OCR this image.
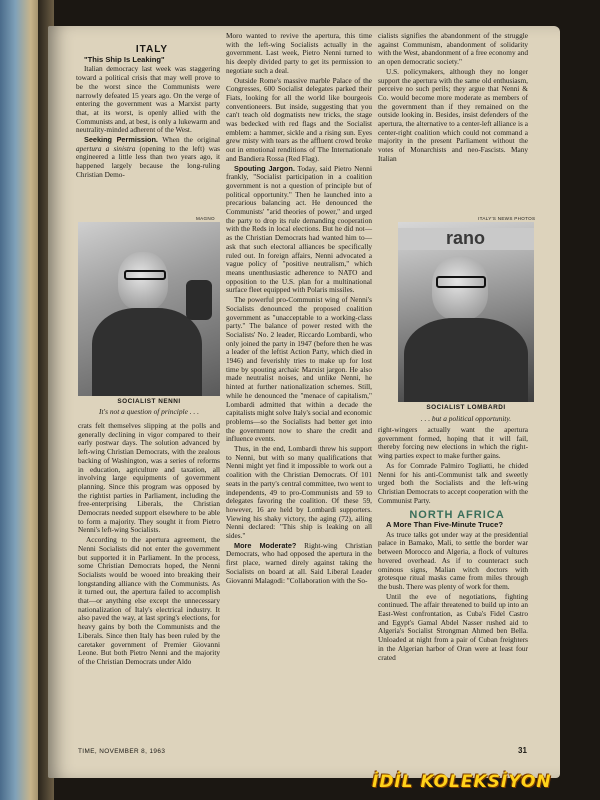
ITALY

"This Ship Is Leaking"

Italian democracy last week was staggering toward a political crisis that may well prove to be the worst since the Communists were narrowly defeated 15 years ago. On the verge of entering the government was a Marxist party that, at its worst, is openly allied with the Communists and, at best, is only a lukewarm and neutrality-minded adherent of the West.

Seeking Permission. When the original apertura a sinistra (opening to the left) was engineered a little less than two years ago, it happened largely because the long-ruling Christian Demo-

MAGNO
SOCIALIST NENNI
It's not a question of principle . . .

crats felt themselves slipping at the polls and generally declining in vigor compared to their early postwar days. The solution advanced by left-wing Christian Democrats, with the zealous backing of Washington, was a series of reforms in education, agriculture and taxation, all involving large equipments of government planning. Since this program was opposed by the rightist parties in Parliament, including the free-enterprising Liberals, the Christian Democrats needed support elsewhere to be able to form a majority. They sought it from Pietro Nenni's left-wing Socialists.

According to the apertura agreement, the Nenni Socialists did not enter the government but supported it in Parliament. In the process, some Christian Democrats hoped, the Nenni Socialists would be wooed into breaking their longstanding alliance with the Communists. As it turned out, the apertura failed to accomplish that—or anything else except the unnecessary nationalization of Italy's electrical industry. It also paved the way, at last spring's elections, for heavy gains by both the Communists and the Liberals. Since then Italy has been ruled by the caretaker government of Premier Giovanni Leone. But both Pietro Nenni and the majority of the Christian Democrats under Aldo

Moro wanted to revive the apertura, this time with the left-wing Socialists actually in the government. Last week, Pietro Nenni turned to his deeply divided party to get its permission to negotiate such a deal.

Outside Rome's massive marble Palace of the Congresses, 600 Socialist delegates parked their Fiats, looking for all the world like bourgeois conventioneers. But inside, suggesting that you can't teach old dogmatists new tricks, the stage was bedecked with red flags and the Socialist emblem: a hammer, sickle and a rising sun. Eyes grew misty with tears as the affluent crowd broke out in emotional renditions of The Internationale and Bandiera Rossa (Red Flag).

Spouting Jargon. Today, said Pietro Nenni frankly, "Socialist participation in a coalition government is not a question of principle but of political opportunity." Then he launched into a precarious balancing act. He denounced the Communists' "arid theories of power," and urged the party to drop its rule demanding cooperation with the Reds in local elections. But he did not—as the Christian Democrats had wanted him to—ask that such electoral alliances be specifically ruled out. In foreign affairs, Nenni advocated a vague policy of "positive neutralism," which means unenthusiastic adherence to NATO and opposition to the U.S. plan for a multinational surface fleet equipped with Polaris missiles.

The powerful pro-Communist wing of Nenni's Socialists denounced the proposed coalition government as "unacceptable to a working-class party." The balance of power rested with the Socialists' No. 2 leader, Riccardo Lombardi, who only joined the party in 1947 (before then he was a leader of the leftist Action Party, which died in 1946) and feverishly tries to make up for lost time by spouting archaic Marxist jargon. He also made neutralist noises, and unlike Nenni, he hinted at further nationalization schemes. Still, while he denounced the "menace of capitalism," Lombardi admitted that within a decade the capitalists might solve Italy's social and economic problems—so the Socialists had better get into the government now to share the credit and influence events.

Thus, in the end, Lombardi threw his support to Nenni, but with so many qualifications that Nenni might yet find it impossible to work out a coalition with the Christian Democrats. Of 101 seats in the party's central committee, two went to independents, 49 to pro-Communists and 59 to delegates favoring the coalition. Of these 59, however, 16 are held by Lombardi supporters. Viewing his shaky victory, the aging (72), ailing Nenni declared: "This ship is leaking on all sides."

More Moderate? Right-wing Christian Democrats, who had opposed the apertura in the first place, warned direly against taking the Socialists on board at all. Said Liberal Leader Giovanni Malagodi: "Collaboration with the So-

cialists signifies the abandonment of the struggle against Communism, abandonment of solidarity with the West, abandonment of a free economy and an open democratic society."

U.S. policymakers, although they no longer support the apertura with the same old enthusiasm, perceive no such perils; they argue that Nenni & Co. would become more moderate as members of the government than if they remained on the outside looking in. Besides, insist defenders of the apertura, the alternative to a center-left alliance is a center-right coalition which could not command a majority in the present Parliament without the votes of Monarchists and neo-Fascists. Many Italian

ITALY'S NEWS PHOTOS
rano
SOCIALIST LOMBARDI

right-wingers actually want the apertura government formed, hoping that it will fail, thereby forcing new elections in which the right-wing parties expect to make further gains.

As for Comrade Palmiro Togliatti, he chided Nenni for his anti-Communist talk and sweetly urged both the Socialists and the left-wing Christian Democrats to accept cooperation with the Communist Party.

NORTH AFRICA

A More Than Five-Minute Truce?

As truce talks got under way at the presidential palace in Bamako, Mali, to settle the border war between Morocco and Algeria, a flock of vultures hovered overhead. As if to counteract such ominous signs, Malian witch doctors with grotesque ritual masks came from miles through the bush. There was plenty of work for them.

Until the eve of negotiations, fighting continued. The affair threatened to build up into an East-West confrontation, as Cuba's Fidel Castro and Egypt's Gamal Abdel Nasser rushed aid to Algeria's Socialist Strongman Ahmed ben Bella. Unloaded at night from a pair of Cuban freighters in the Algerian harbor of Oran were at least four crated

. . . but a political opportunity.
TIME, NOVEMBER 8, 1963	31
İDİL KOLEKSİYON
